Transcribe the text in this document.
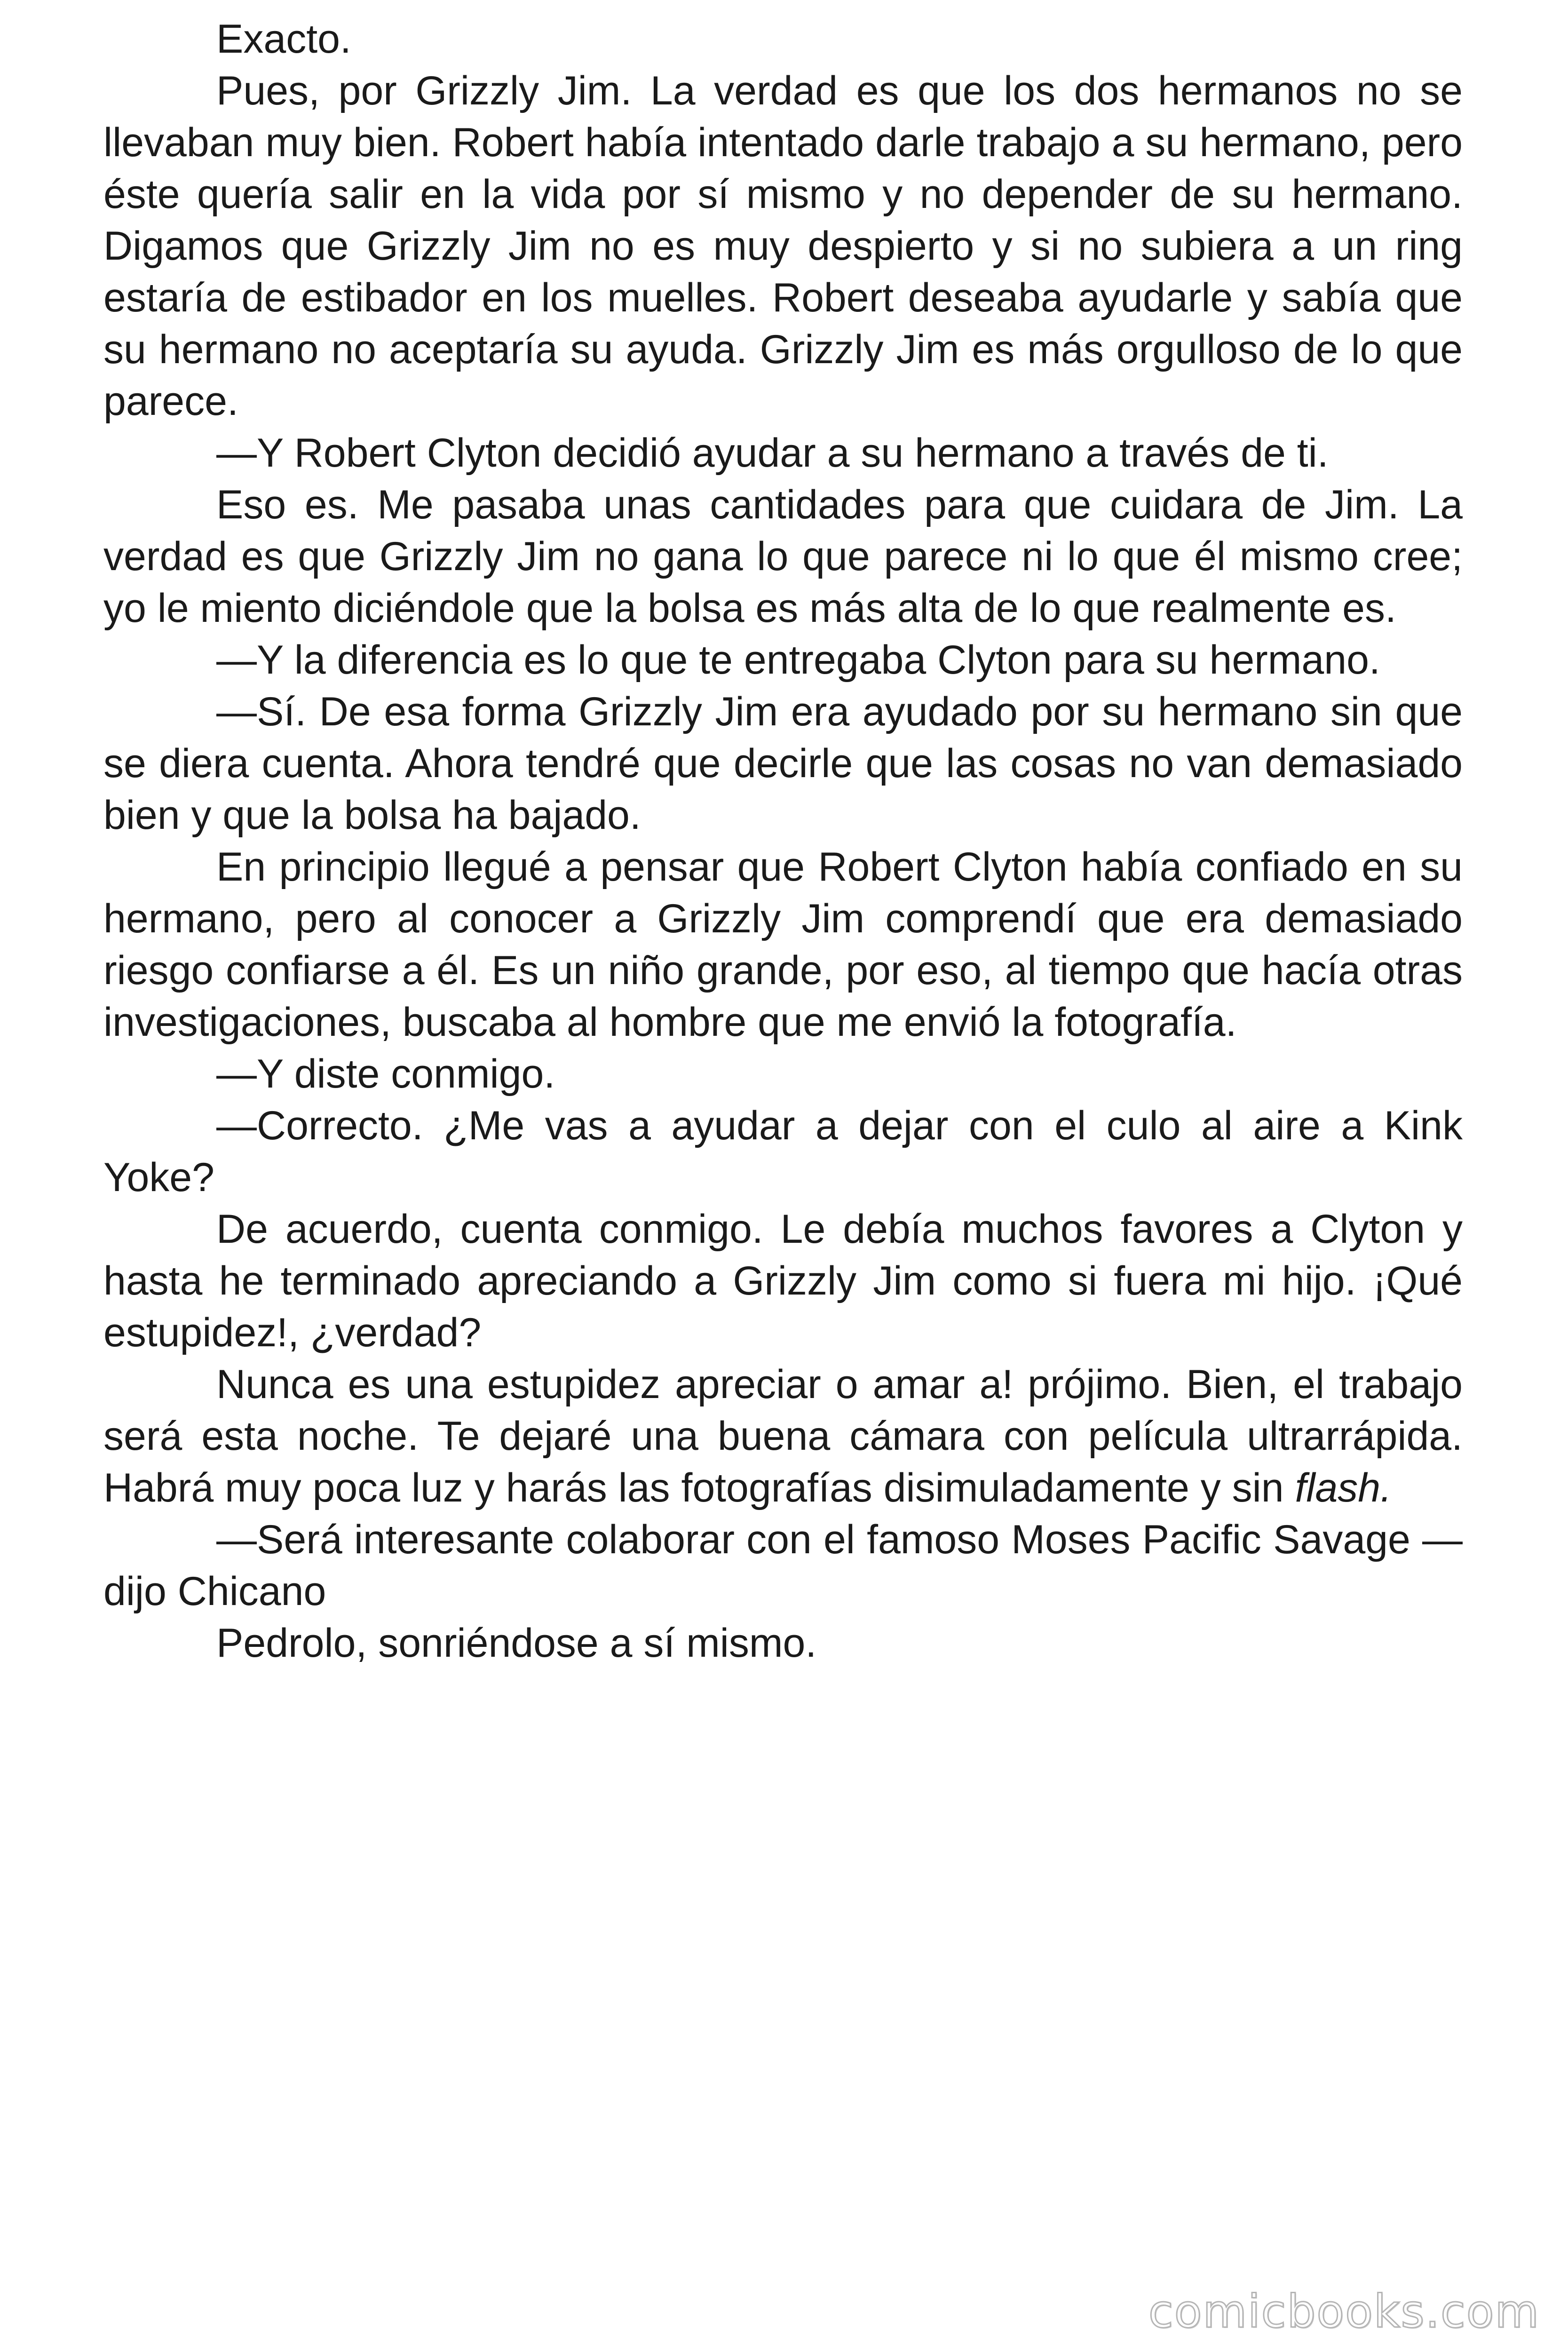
Exacto.

Pues, por Grizzly Jim. La verdad es que los dos hermanos no se llevaban muy bien. Robert había intentado darle trabajo a su hermano, pero éste quería salir en la vida por sí mismo y no depender de su hermano. Digamos que Grizzly Jim no es muy despierto y si no subiera a un ring estaría de estibador en los muelles. Robert deseaba ayudarle y sabía que su hermano no aceptaría su ayuda. Grizzly Jim es más orgulloso de lo que parece.

—Y Robert Clyton decidió ayudar a su hermano a través de ti.

Eso es. Me pasaba unas cantidades para que cuidara de Jim. La verdad es que Grizzly Jim no gana lo que parece ni lo que él mismo cree; yo le miento diciéndole que la bolsa es más alta de lo que realmente es.

—Y la diferencia es lo que te entregaba Clyton para su hermano.

—Sí. De esa forma Grizzly Jim era ayudado por su hermano sin que se diera cuenta. Ahora tendré que decirle que las cosas no van demasiado bien y que la bolsa ha bajado.

En principio llegué a pensar que Robert Clyton había confiado en su hermano, pero al conocer a Grizzly Jim comprendí que era demasiado riesgo confiarse a él. Es un niño grande, por eso, al tiempo que hacía otras investigaciones, buscaba al hombre que me envió la fotografía.

—Y diste conmigo.

—Correcto. ¿Me vas a ayudar a dejar con el culo al aire a Kink Yoke?

De acuerdo, cuenta conmigo. Le debía muchos favores a Clyton y hasta he terminado apreciando a Grizzly Jim como si fuera mi hijo. ¡Qué estupidez!, ¿verdad?

Nunca es una estupidez apreciar o amar a! prójimo. Bien, el trabajo será esta noche. Te dejaré una buena cámara con película ultrarrápida. Habrá muy poca luz y harás las fotografías disimuladamente y sin flash.

—Será interesante colaborar con el famoso Moses Pacific Savage —dijo Chicano

Pedrolo, sonriéndose a sí mismo.

comicbooks.com
